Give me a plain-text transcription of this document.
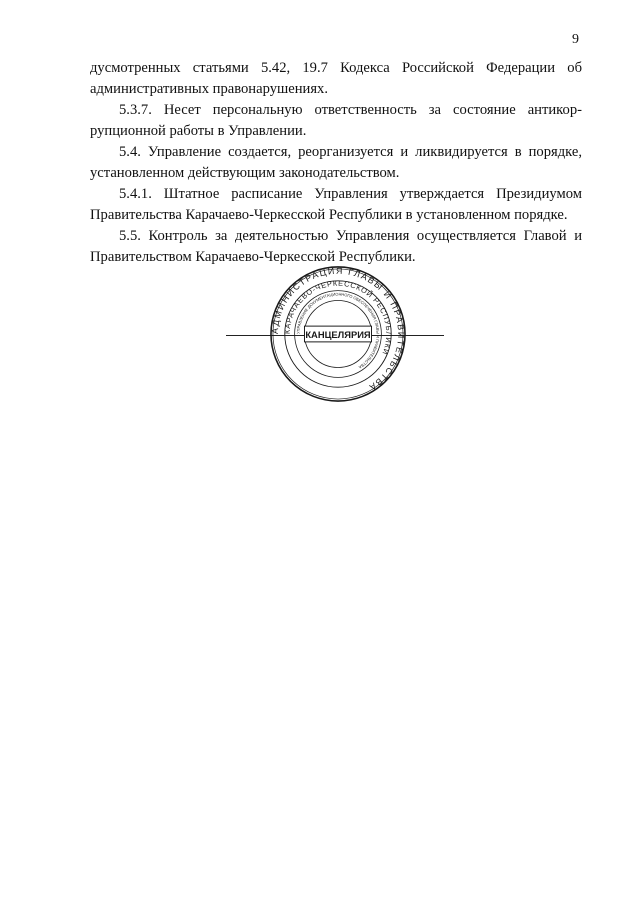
9

дусмотренных статьями 5.42, 19.7 Кодекса Российской Федерации об административных правонарушениях.

5.3.7. Несет персональную ответственность за состояние антикоррупционной работы в Управлении.

5.4. Управление создается, реорганизуется и ликвидируется в порядке, установленном действующим законодательством.

5.4.1. Штатное расписание Управления утверждается Президиумом Правительства Карачаево-Черкесской Республики в установленном порядке.

5.5. Контроль за деятельностью Управления осуществляется Главой и Правительством Карачаево-Черкесской Республики.

АДМИНИСТРАЦИЯ ГЛАВЫ И ПРАВИТЕЛЬСТВА
КАРАЧАЕВО-ЧЕРКЕССКОЙ РЕСПУБЛИКИ
УПРАВЛЕНИЕ ДОКУМЕНТАЦИОННОГО ОБЕСПЕЧЕНИЯ ГЛАВЫ И ПРАВИТЕЛЬСТВА
КАНЦЕЛЯРИЯ
